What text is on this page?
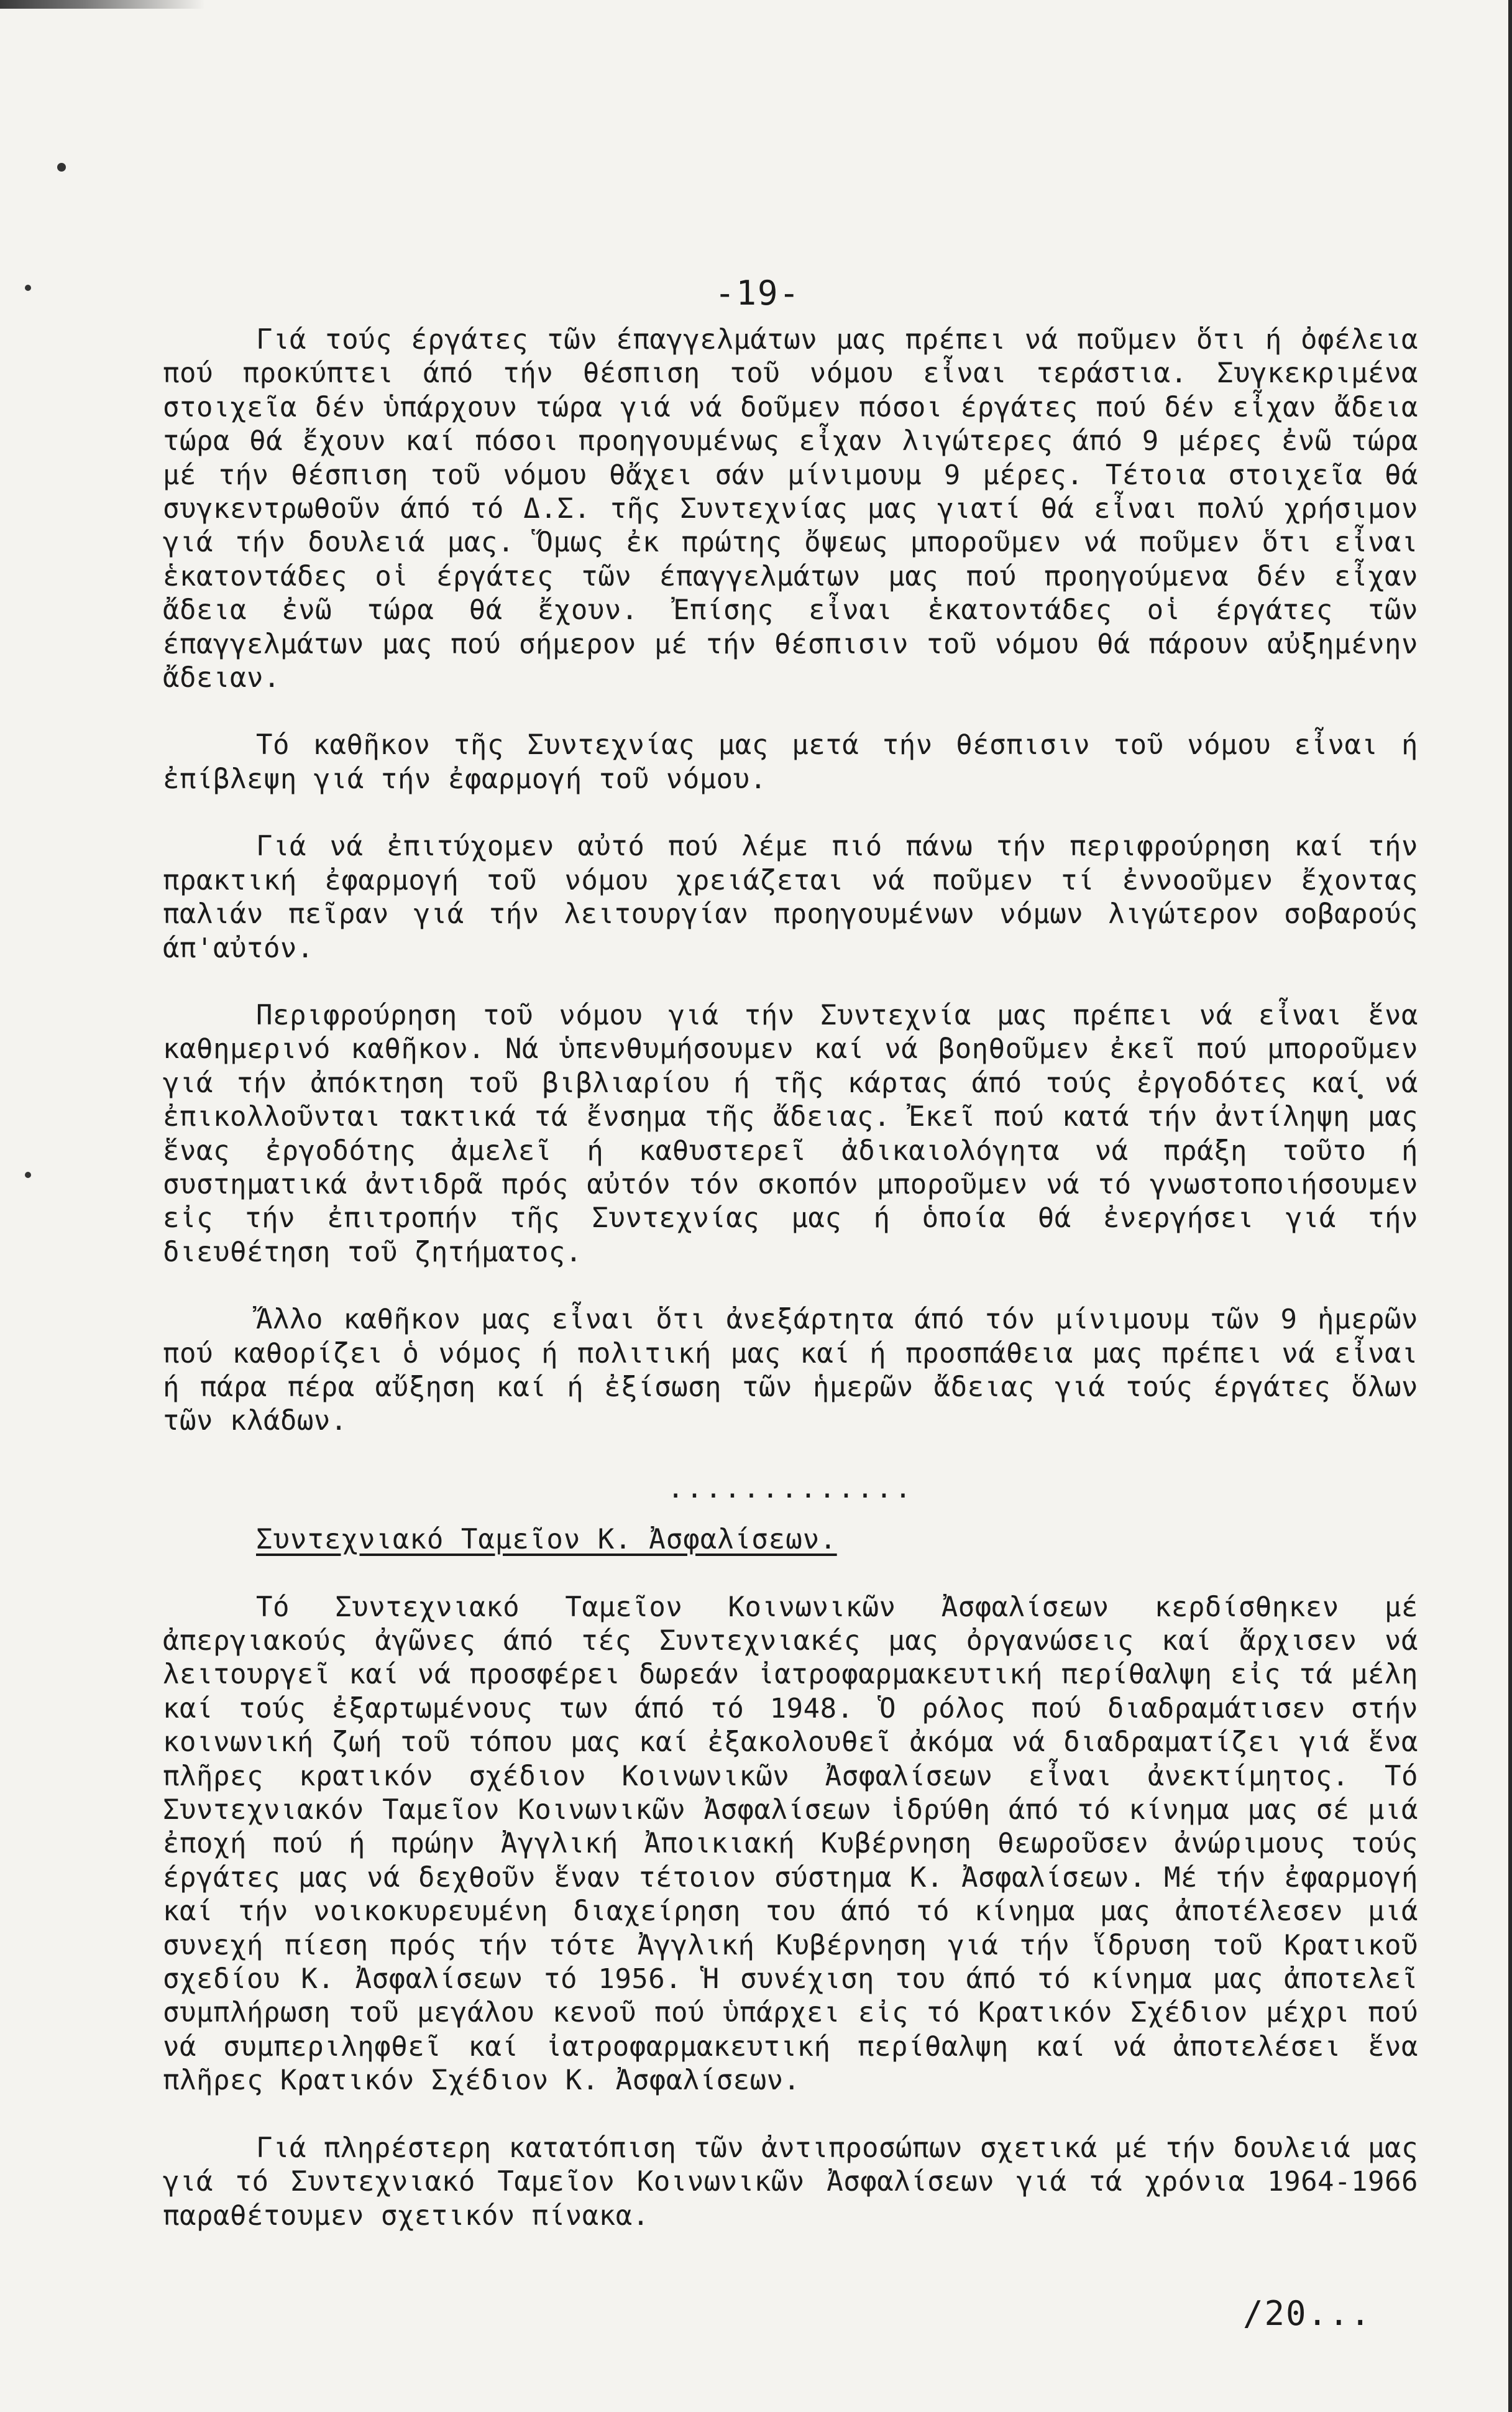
-19-

Γιά τούς έργάτες τῶν έπαγγελμάτων μας πρέπει νά ποῦμεν ὅτι ή ὀφέλεια πού προκύπτει άπό τήν θέσπιση τοῦ νόμου εἶναι τεράστια. Συγκεκριμένα στοιχεῖα δέν ὑπάρχουν τώρα γιά νά δοῦμεν πόσοι έργάτες πού δέν εἶχαν ἄδεια τώρα θά ἔχουν καί πόσοι προηγουμένως εἶχαν λιγώτερες άπό 9 μέρες ἐνῶ τώρα μέ τήν θέσπιση τοῦ νόμου θἄχει σάν μίνιμουμ 9 μέρες. Τέτοια στοιχεῖα θά συγκεντρωθοῦν άπό τό Δ.Σ. τῆς Συντεχνίας μας γιατί θά εἶναι πολύ χρήσιμον γιά τήν δουλειά μας. Ὅμως ἐκ πρώτης ὄψεως μποροῦμεν νά ποῦμεν ὅτι εἶναι ἑκατοντάδες οἱ έργάτες τῶν έπαγγελμάτων μας πού προηγούμενα δέν εἶχαν ἄδεια ἐνῶ τώρα θά ἔχουν. Ἐπίσης εἶναι ἑκατοντάδες οἱ έργάτες τῶν έπαγγελμάτων μας πού σήμερον μέ τήν θέσπισιν τοῦ νόμου θά πάρουν αὐξημένην ἄδειαν.

Τό καθῆκον τῆς Συντεχνίας μας μετά τήν θέσπισιν τοῦ νόμου εἶναι ή ἐπίβλεψη γιά τήν ἐφαρμογή τοῦ νόμου.

Γιά νά ἐπιτύχομεν αὐτό πού λέμε πιό πάνω τήν περιφρούρηση καί τήν πρακτική ἐφαρμογή τοῦ νόμου χρειάζεται νά ποῦμεν τί ἐννοοῦμεν ἔχοντας παλιάν πεῖραν γιά τήν λειτουργίαν προηγουμένων νόμων λιγώτερον σοβαρούς άπ'αὐτόν.

Περιφρούρηση τοῦ νόμου γιά τήν Συντεχνία μας πρέπει νά εἶναι ἕνα καθημερινό καθῆκον. Νά ὑπενθυμήσουμεν καί νά βοηθοῦμεν ἐκεῖ πού μποροῦμεν γιά τήν ἀπόκτηση τοῦ βιβλιαρίου ή τῆς κάρτας άπό τούς ἐργοδότες καί νά ἐπικολλοῦνται τακτικά τά ἔνσημα τῆς ἄδειας. Ἐκεῖ πού κατά τήν ἀντίληψη μας ἕνας ἐργοδότης ἀμελεῖ ή καθυστερεῖ ἀδικαιολόγητα νά πράξη τοῦτο ή συστηματικά ἀντιδρᾶ πρός αὐτόν τόν σκοπόν μποροῦμεν νά τό γνωστοποιήσουμεν εἰς τήν ἐπιτροπήν τῆς Συντεχνίας μας ή ὁποία θά ἐνεργήσει γιά τήν διευθέτηση τοῦ ζητήματος.

Ἄλλο καθῆκον μας εἶναι ὅτι ἀνεξάρτητα άπό τόν μίνιμουμ τῶν 9 ἡμερῶν πού καθορίζει ὁ νόμος ή πολιτική μας καί ή προσπάθεια μας πρέπει νά εἶναι ή πάρα πέρα αὔξηση καί ή ἐξίσωση τῶν ἡμερῶν ἄδειας γιά τούς έργάτες ὅλων τῶν κλάδων.

.............
Συντεχνιακό Ταμεῖον Κ. Ἀσφαλίσεων.

Τό Συντεχνιακό Ταμεῖον Κοινωνικῶν Ἀσφαλίσεων κερδίσθηκεν μέ ἀπεργιακούς ἀγῶνες άπό τές Συντεχνιακές μας ὀργανώσεις καί ἄρχισεν νά λειτουργεῖ καί νά προσφέρει δωρεάν ἰατροφαρμακευτική περίθαλψη εἰς τά μέλη καί τούς ἐξαρτωμένους των άπό τό 1948. Ὁ ρόλος πού διαδραμάτισεν στήν κοινωνική ζωή τοῦ τόπου μας καί ἐξακολουθεῖ ἀκόμα νά διαδραματίζει γιά ἕνα πλῆρες κρατικόν σχέδιον Κοινωνικῶν Ἀσφαλίσεων εἶναι ἀνεκτίμητος. Τό Συντεχνιακόν Ταμεῖον Κοινωνικῶν Ἀσφαλίσεων ἱδρύθη άπό τό κίνημα μας σέ μιά ἐποχή πού ή πρώην Ἀγγλική Ἀποικιακή Κυβέρνηση θεωροῦσεν ἀνώριμους τούς έργάτες μας νά δεχθοῦν ἕναν τέτοιον σύστημα Κ. Ἀσφαλίσεων. Μέ τήν ἐφαρμογή καί τήν νοικοκυρευμένη διαχείρηση του άπό τό κίνημα μας ἀποτέλεσεν μιά συνεχή πίεση πρός τήν τότε Ἀγγλική Κυβέρνηση γιά τήν ἵδρυση τοῦ Κρατικοῦ σχεδίου Κ. Ἀσφαλίσεων τό 1956. Ἡ συνέχιση του άπό τό κίνημα μας ἀποτελεῖ συμπλήρωση τοῦ μεγάλου κενοῦ πού ὑπάρχει εἰς τό Κρατικόν Σχέδιον μέχρι πού νά συμπεριληφθεῖ καί ἰατροφαρμακευτική περίθαλψη καί νά ἀποτελέσει ἕνα πλῆρες Κρατικόν Σχέδιον Κ. Ἀσφαλίσεων.

Γιά πληρέστερη κατατόπιση τῶν ἀντιπροσώπων σχετικά μέ τήν δουλειά μας γιά τό Συντεχνιακό Ταμεῖον Κοινωνικῶν Ἀσφαλίσεων γιά τά χρόνια 1964-1966 παραθέτουμεν σχετικόν πίνακα.

/20...
